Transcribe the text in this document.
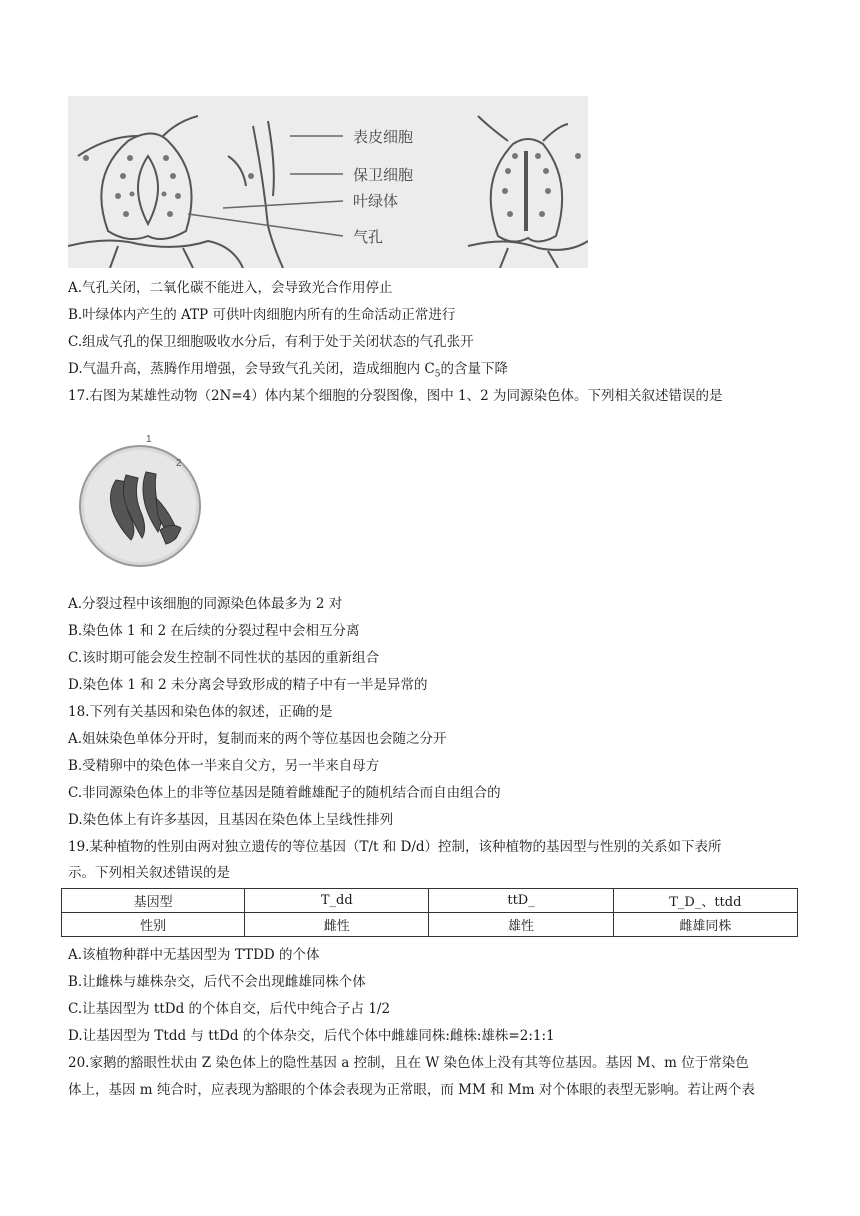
表皮细胞
保卫细胞
叶绿体
气孔
A.气孔关闭，二氧化碳不能进入，会导致光合作用停止
B.叶绿体内产生的 ATP 可供叶肉细胞内所有的生命活动正常进行
C.组成气孔的保卫细胞吸收水分后，有利于处于关闭状态的气孔张开
D.气温升高，蒸腾作用增强，会导致气孔关闭，造成细胞内 $C_5$的含量下降
17.右图为某雄性动物（2N=4）体内某个细胞的分裂图像，图中 1、2 为同源染色体。下列相关叙述错误的是
1
2
A.分裂过程中该细胞的同源染色体最多为 2 对
B.染色体 1 和 2 在后续的分裂过程中会相互分离
C.该时期可能会发生控制不同性状的基因的重新组合
D.染色体 1 和 2 未分离会导致形成的精子中有一半是异常的
18.下列有关基因和染色体的叙述，正确的是
A.姐妹染色单体分开时，复制而来的两个等位基因也会随之分开
B.受精卵中的染色体一半来自父方，另一半来自母方
C.非同源染色体上的非等位基因是随着雌雄配子的随机结合而自由组合的
D.染色体上有许多基因，且基因在染色体上呈线性排列
19.某种植物的性别由两对独立遗传的等位基因（T/t 和 D/d）控制，该种植物的基因型与性别的关系如下表所
示。下列相关叙述错误的是
基因型	T_dd	ttD_	T_D_、ttdd
性别	雌性	雄性	雌雄同株
A.该植物种群中无基因型为 TTDD 的个体
B.让雌株与雄株杂交，后代不会出现雌雄同株个体
C.让基因型为 ttDd 的个体自交，后代中纯合子占 1/2
D.让基因型为 Ttdd 与 ttDd 的个体杂交，后代个体中雌雄同株:雌株:雄株=2:1:1
20.家鹅的豁眼性状由 Z 染色体上的隐性基因 a 控制，且在 W 染色体上没有其等位基因。基因 M、m 位于常染色
体上，基因 m 纯合时，应表现为豁眼的个体会表现为正常眼，而 MM 和 Mm 对个体眼的表型无影响。若让两个表
